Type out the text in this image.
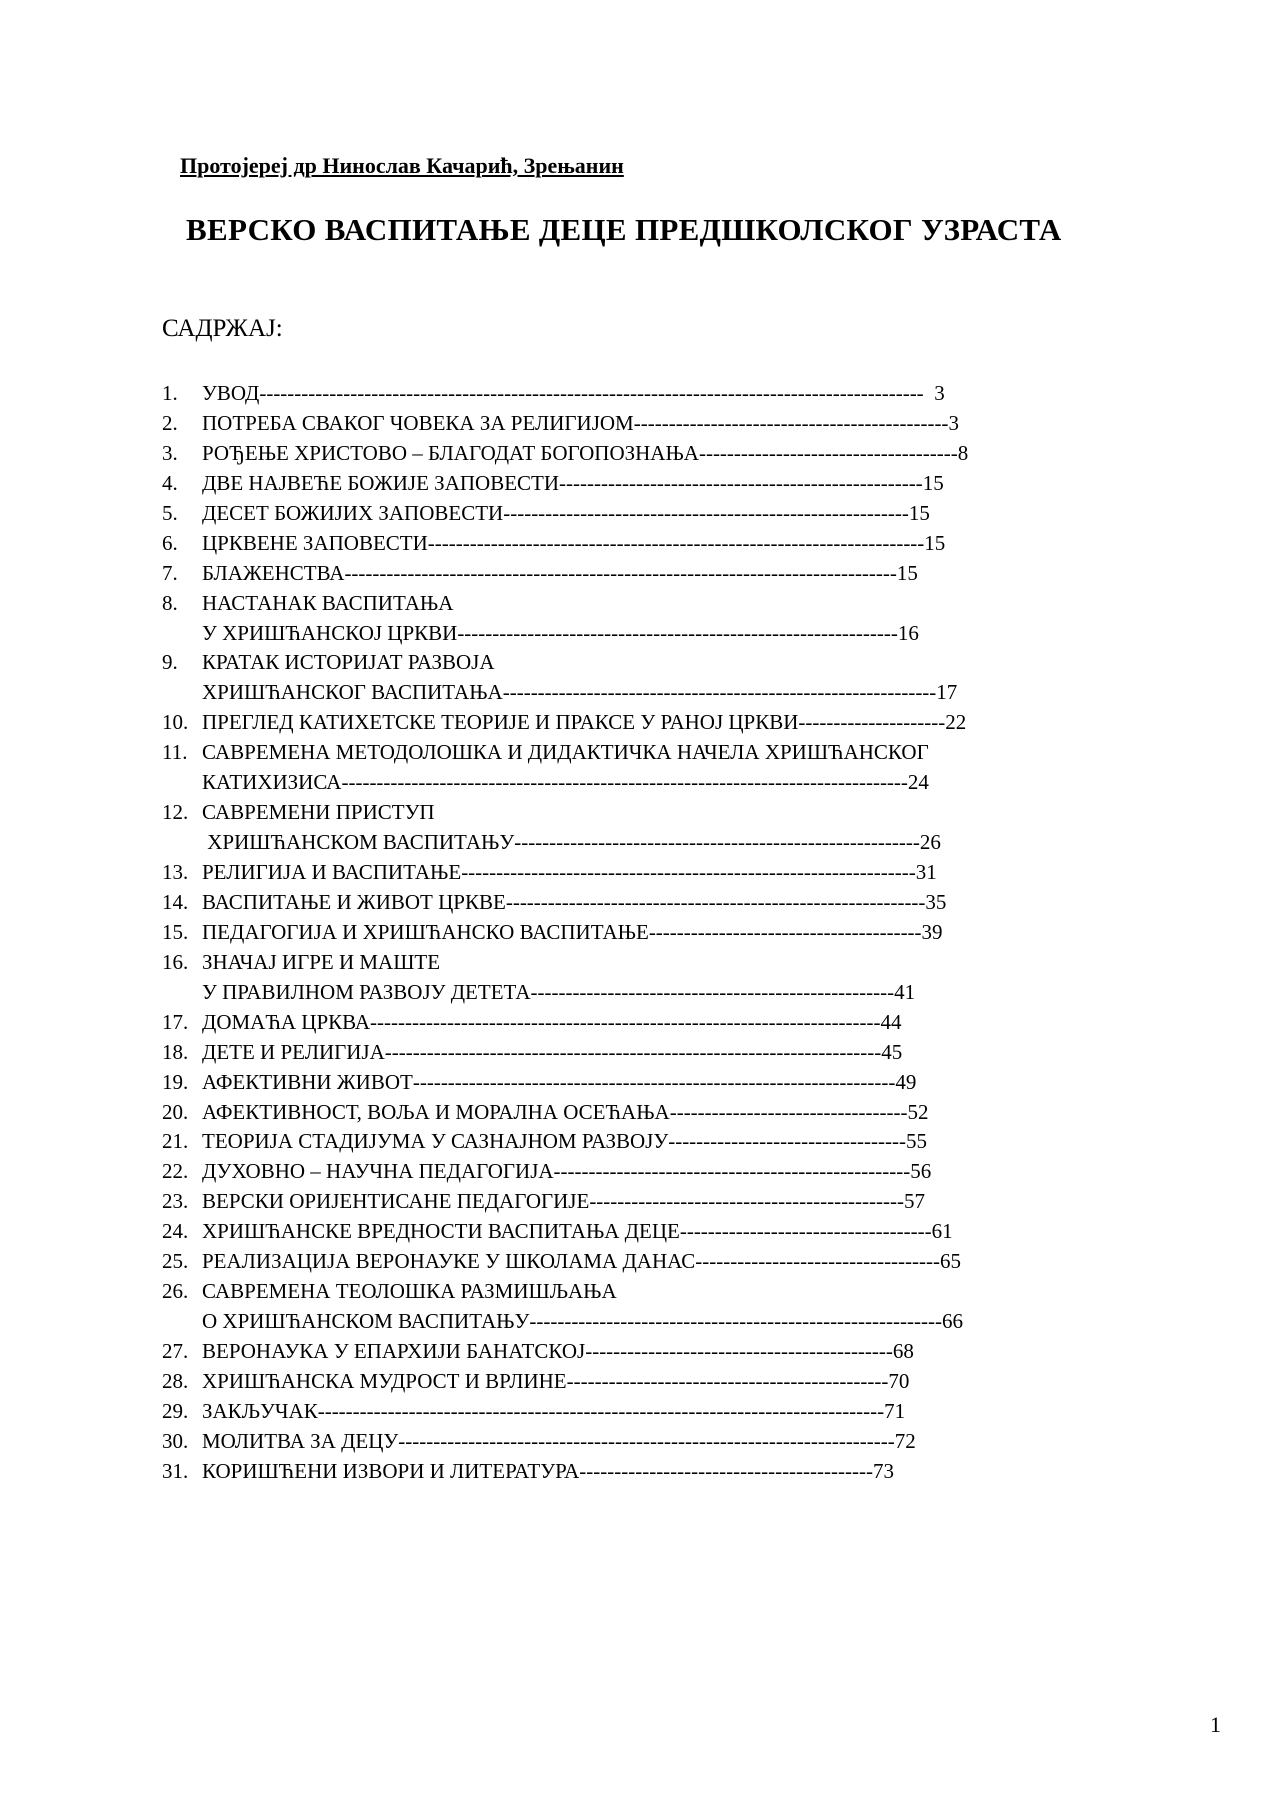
Протојереј др Нинослав Качарић, Зрењанин
ВЕРСКО ВАСПИТАЊЕ ДЕЦЕ ПРЕДШКОЛСКОГ УЗРАСТА
САДРЖАЈ:
1. УВОД-----------------------------------------------------------------------------------------------  3
2. ПОТРЕБА СВАКОГ ЧОВЕКА ЗА РЕЛИГИЈОМ---------------------------------------------3
3. РОЂЕЊЕ ХРИСТОВО – БЛАГОДАТ БОГОПОЗНАЊА-------------------------------------8
4. ДВЕ НАЈВЕЋЕ БОЖИЈЕ ЗАПОВЕСТИ----------------------------------------------------15
5. ДЕСЕТ БОЖИЈИХ ЗАПОВЕСТИ----------------------------------------------------------15
6. ЦРКВЕНЕ ЗАПОВЕСТИ-----------------------------------------------------------------------15
7. БЛАЖЕНСТВА-------------------------------------------------------------------------------15
8. НАСТАНАК ВАСПИТАЊА
У ХРИШЋАНСКОЈ ЦРКВИ---------------------------------------------------------------16
9. КРАТАК ИСТОРИЈАТ РАЗВОЈА
ХРИШЋАНСКОГ ВАСПИТАЊА--------------------------------------------------------------17
10. ПРЕГЛЕД КАТИХЕТСКЕ ТЕОРИЈЕ И ПРАКСЕ У РАНОЈ ЦРКВИ---------------------22
11. САВРЕМЕНА МЕТОДОЛОШКА И ДИДАКТИЧКА НАЧЕЛА ХРИШЋАНСКОГ
КАТИХИЗИСА---------------------------------------------------------------------------------24
12. САВРЕМЕНИ ПРИСТУП
ХРИШЋАНСКОМ ВАСПИТАЊУ----------------------------------------------------------26
13. РЕЛИГИЈА И ВАСПИТАЊЕ-----------------------------------------------------------------31
14. ВАСПИТАЊЕ И ЖИВОТ ЦРКВЕ------------------------------------------------------------35
15. ПЕДАГОГИЈА И ХРИШЋАНСКО ВАСПИТАЊЕ---------------------------------------39
16. ЗНАЧАЈ ИГРЕ И МАШТЕ
У ПРАВИЛНОМ РАЗВОЈУ ДЕТЕТА----------------------------------------------------41
17. ДОМАЋА ЦРКВА-------------------------------------------------------------------------44
18. ДЕТЕ И РЕЛИГИЈА-----------------------------------------------------------------------45
19. АФЕКТИВНИ ЖИВОТ---------------------------------------------------------------------49
20. АФЕКТИВНОСТ, ВОЉА И МОРАЛНА ОСЕЋАЊА----------------------------------52
21. ТЕОРИЈА СТАДИЈУМА У САЗНАЈНОМ РАЗВОЈУ----------------------------------55
22. ДУХОВНО – НАУЧНА ПЕДАГОГИЈА---------------------------------------------------56
23. ВЕРСКИ ОРИЈЕНТИСАНЕ ПЕДАГОГИЈЕ---------------------------------------------57
24. ХРИШЋАНСКЕ ВРЕДНОСТИ ВАСПИТАЊА ДЕЦЕ------------------------------------61
25. РЕАЛИЗАЦИЈА ВЕРОНАУКЕ У ШКОЛАМА ДАНАС-----------------------------------65
26. САВРЕМЕНА ТЕОЛОШКА РАЗМИШЉАЊА
О ХРИШЋАНСКОМ ВАСПИТАЊУ-----------------------------------------------------------66
27. ВЕРОНАУКА У ЕПАРХИЈИ БАНАТСКОЈ--------------------------------------------68
28. ХРИШЋАНСКА МУДРОСТ И ВРЛИНЕ----------------------------------------------70
29. ЗАКЉУЧАК---------------------------------------------------------------------------------71
30. МОЛИТВА ЗА ДЕЦУ-----------------------------------------------------------------------72
31. КОРИШЋЕНИ ИЗВОРИ И ЛИТЕРАТУРА------------------------------------------73
1
